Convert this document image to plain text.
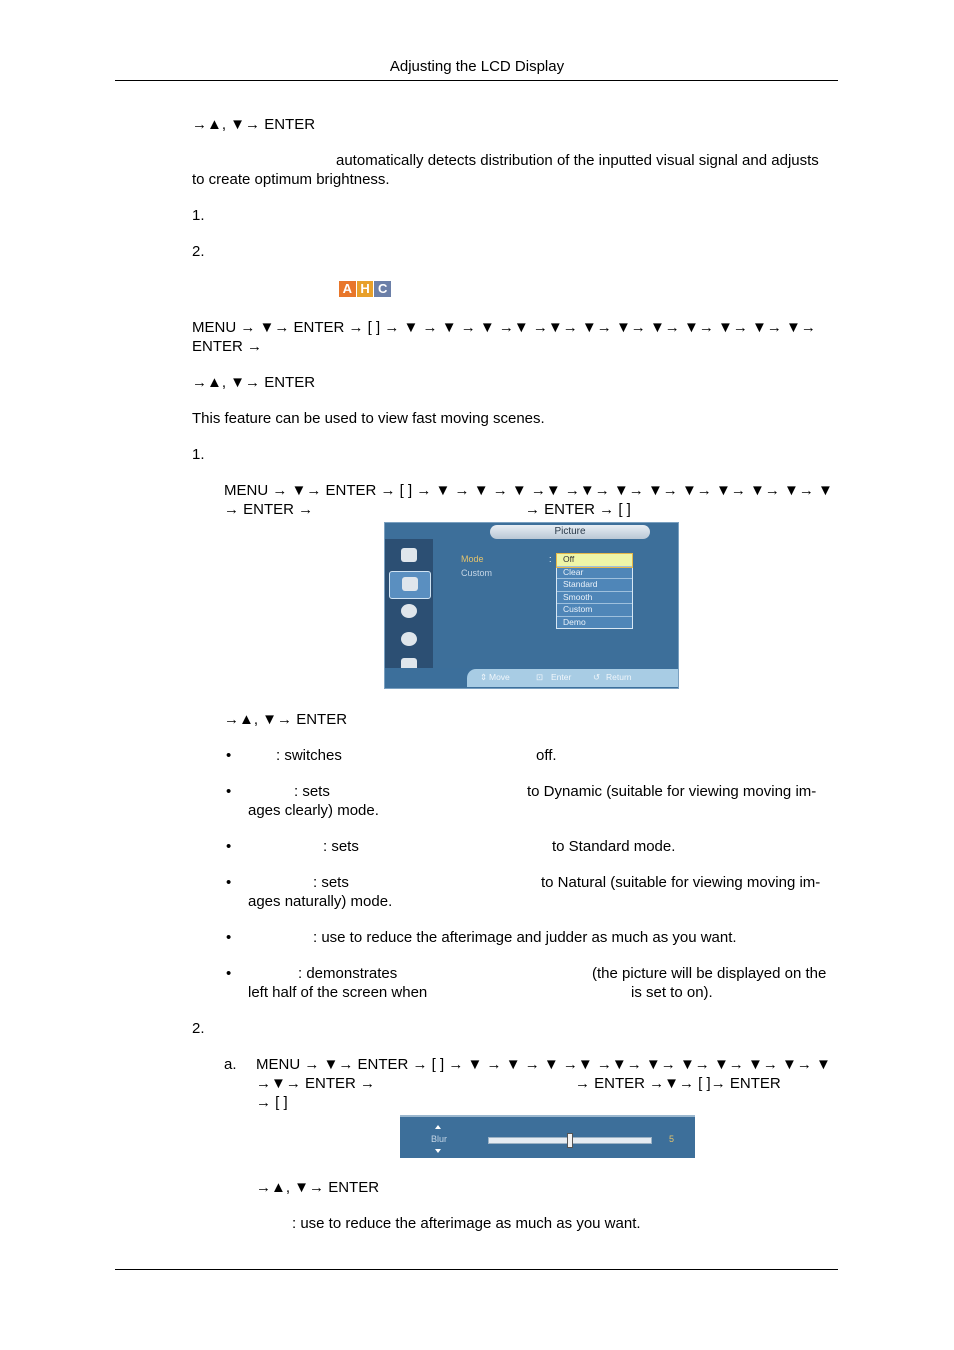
Adjusting the LCD Display
→▲, ▼→ ENTER
automatically detects distribution of the inputted visual signal and adjusts
to create optimum brightness.
1.
2.
A H C
MENU → ▼→ ENTER → [ ] → ▼ → ▼ → ▼ →▼ →▼→ ▼→ ▼→ ▼→ ▼→ ▼→ ▼→ ▼→
ENTER →
→▲, ▼→ ENTER
This feature can be used to view fast moving scenes.
1.
MENU → ▼→ ENTER → [ ] → ▼ → ▼ → ▼ →▼ →▼→ ▼→ ▼→ ▼→ ▼→ ▼→ ▼→ ▼
→ ENTER →	→ ENTER → [ ]
Picture
Mode
Custom
:	Off
Clear
Standard
Smooth
Custom
Demo
⇕ Move	⊡ Enter	↺ Return
→▲, ▼→ ENTER
•	: switches	off.
•	: sets	to Dynamic (suitable for viewing moving im-
ages clearly) mode.
•	: sets	to Standard mode.
•	: sets	to Natural (suitable for viewing moving im-
ages naturally) mode.
•	: use to reduce the afterimage and judder as much as you want.
•	: demonstrates	(the picture will be displayed on the
left half of the screen when	is set to on).
2.
a. MENU → ▼→ ENTER → [ ] → ▼ → ▼ → ▼ →▼ →▼→ ▼→ ▼→ ▼→ ▼→ ▼→ ▼
→▼→ ENTER →	→ ENTER →▼→ [ ]→ ENTER
→ [ ]
Blur	5
→▲, ▼→ ENTER
: use to reduce the afterimage as much as you want.
